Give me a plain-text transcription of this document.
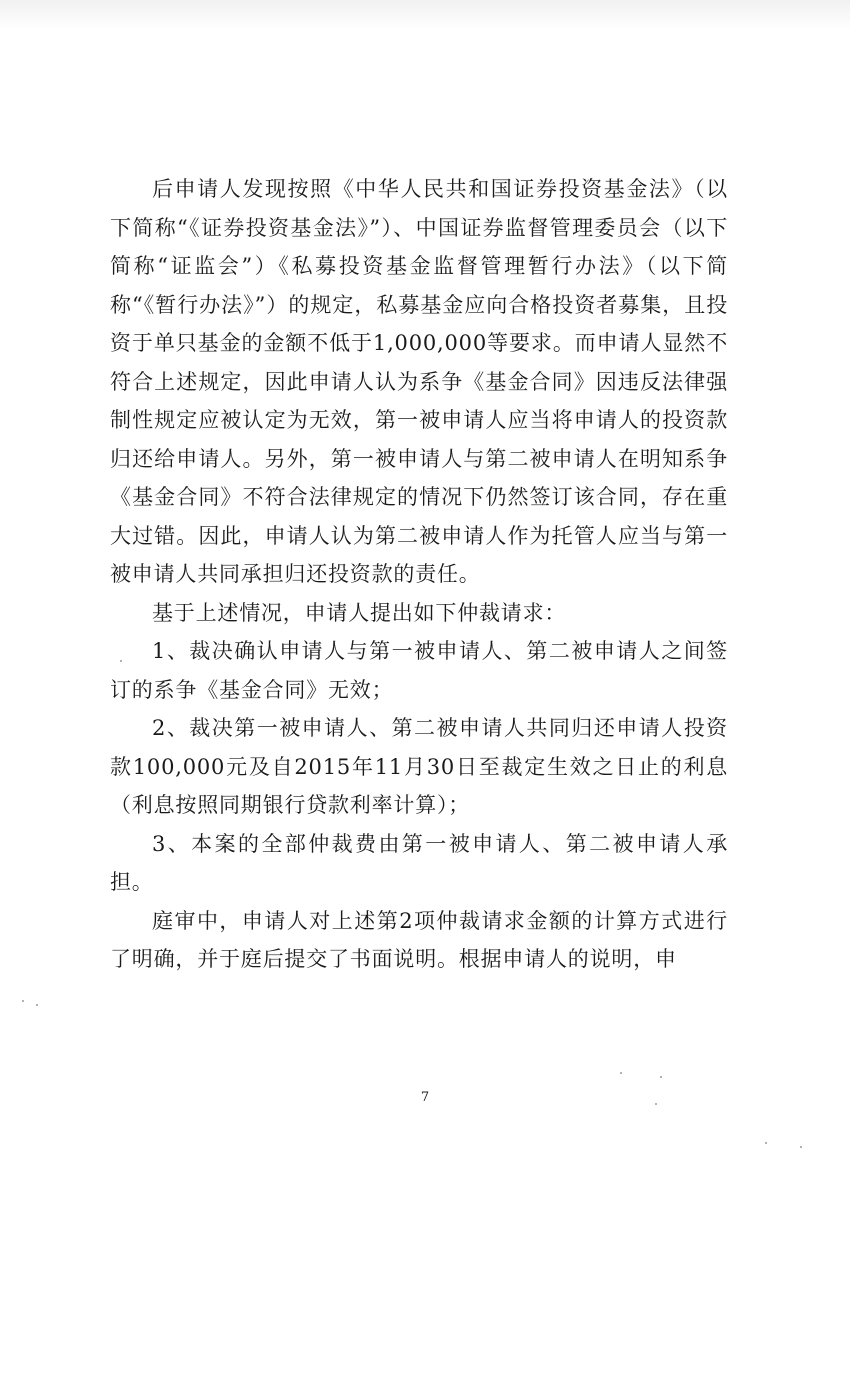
后申请人发现按照《中华人民共和国证券投资基金法》（以下简称“《证券投资基金法》”）、中国证券监督管理委员会（以下简称“证监会”）《私募投资基金监督管理暂行办法》（以下简称“《暂行办法》”）的规定，私募基金应向合格投资者募集，且投资于单只基金的金额不低于1,000,000等要求。而申请人显然不符合上述规定，因此申请人认为系争《基金合同》因违反法律强制性规定应被认定为无效，第一被申请人应当将申请人的投资款归还给申请人。另外，第一被申请人与第二被申请人在明知系争《基金合同》不符合法律规定的情况下仍然签订该合同，存在重大过错。因此，申请人认为第二被申请人作为托管人应当与第一被申请人共同承担归还投资款的责任。

基于上述情况，申请人提出如下仲裁请求：

1、裁决确认申请人与第一被申请人、第二被申请人之间签订的系争《基金合同》无效；

2、裁决第一被申请人、第二被申请人共同归还申请人投资款100,000元及自2015年11月30日至裁定生效之日止的利息（利息按照同期银行贷款利率计算）；

3、本案的全部仲裁费由第一被申请人、第二被申请人承担。

庭审中，申请人对上述第2项仲裁请求金额的计算方式进行了明确，并于庭后提交了书面说明。根据申请人的说明，申

7
